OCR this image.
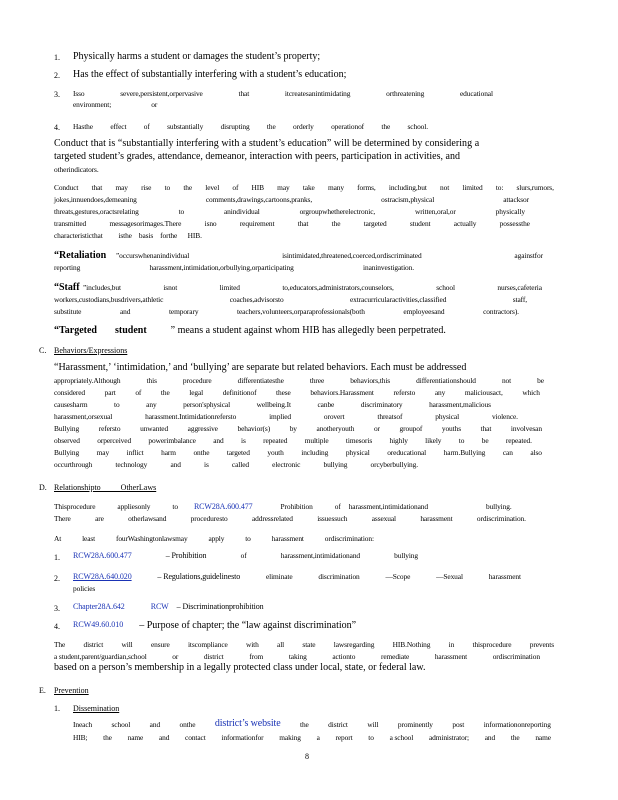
1. Physically harms a student or damages the student’s property;
2. Has the effect of substantially interfering with a student’s education;
3. Isso	severe,persistent,orpervasive	that	itcreatesanintimidating	orthreatening	educational
environment;	or
4. Hasthe effect of substantially disrupting the orderly operationof the school.
Conduct that is “substantially interfering with a student’s education” will be determined by considering a
targeted student’s grades, attendance, demeanor, interaction with peers, participation in activities, and
otherindicators.
Conduct that may rise to the level of HIB may take many forms, including,but not limited to: slurs,rumors,
jokes,innuendoes,demeaning	comments,drawings,cartoons,pranks,	ostracism,physical	attacksor
threats,gestures,oractsrelating	to	anindividual	orgroupwhetherelectronic,	written,oral,or	physically
transmitted	messagesorimages.There	isno	requirement	that	the	targeted	student	actually	possessthe
characteristicthat         isthe    basis    forthe      HIB.
“Retaliation ”occurswhenanindividual	isintimidated,threatened,coerced,ordiscriminated	againstfor
reporting	harassment,intimidation,orbullying,orparticipating	inaninvestigation.
“Staff ”includes,but	isnot	limited	to,educators,administrators,counselors,	school	nurses,cafeteria
workers,custodians,busdrivers,athletic	coaches,advisorsto	extracurricularactivities,classified	staff,
substitute	and	temporary	teachers,volunteers,orparaprofessionals(both	employeesand	contractors).
“Targeted student ” means a student against whom HIB has allegedly been perpetrated.
C. Behaviors/Expressions
“Harassment,’ ‘intimidation,’ and ‘bullying’ are separate but related behaviors. Each must be addressed
appropriately.Although	this	procedure	differentiatesthe	three	behaviors,this	differentiationshould	not	be
considered	part	of	the	legal	definitionof	these	behaviors.Harassment	refersto	any	maliciousact,	which
causesharm	to	any	person'sphysical	wellbeing.It	canbe	discriminatory	harassment,malicious
harassment,orsexual	harassment.Intimidationrefersto	implied	orovert	threatsof	physical	violence.
Bullying	refersto	unwanted	aggressive	behavior(s)	by	anotheryouth	or	groupof	youths	that	involvesan
observed orperceived powerimbalance and is repeated multiple timesoris highly likely to be repeated.
Bullying may inflict harm onthe targeted youth including physical oreducational harm.Bullying can also
occurthrough	technology	and	is	called	electronic	bullying	orcyberbullying.
D. Relationshipto          OtherLaws
Thisprocedure	appliesonly	to RCW28A.600.477	Prohibition	of harassment,intimidationand	bullying.
There	are	otherlawsand	proceduresto	addressrelated	issuessuch	assexual	harassment	ordiscrimination.
At	least	fourWashingtonlawsmay	apply	to	harassment	ordiscrimination:
1. RCW28A.600.477	– Prohibition	of	harassment,intimidationand	bullying
2. RCW28A.640.020	– Regulations,guidelinesto	eliminate	discrimination	—Scope	—Sexual	harassment
policies
3. Chapter28A.642	RCW – Discriminationprohibition
4. RCW49.60.010 – Purpose of chapter; the “law against discrimination”
The district will ensure itscompliance with all state lawsregarding HIB.Nothing in thisprocedure prevents
a student,parent/guardian,school	or	district	from	taking	actionto	remediate	harassment	ordiscrimination
based on a person’s membership in a legally protected class under local, state, or federal law.
E. Prevention
1. Dissemination
Ineach	school	and	onthe district’s website	the	district	will	prominently	post	informationonreporting
HIB; the name and contact informationfor making a report to a school administrator; and the name
8
